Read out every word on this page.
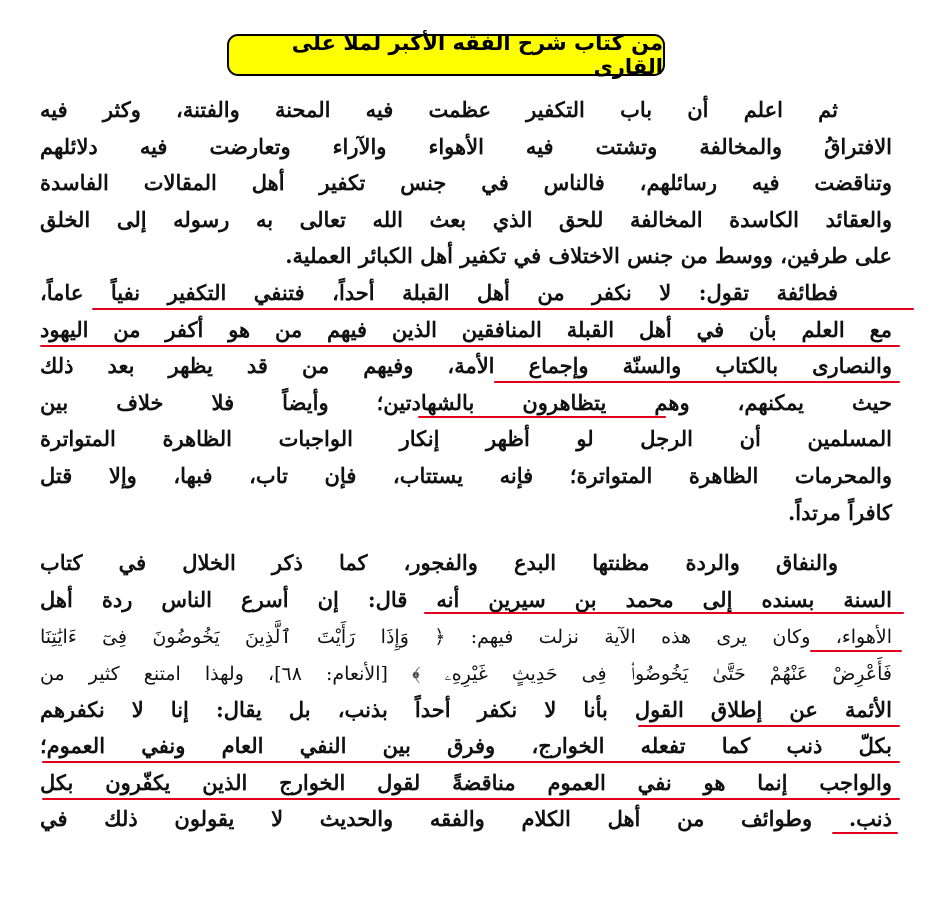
من كتاب شرح الفقه الأكبر لملا على القارى
ثم اعلم أن باب التكفير عظمت فيه المحنة والفتنة، وكثر فيه
الافتراقُ والمخالفة وتشتت فيه الأهواء والآراء وتعارضت فيه دلائلهم
وتناقضت فيه رسائلهم، فالناس في جنس تكفير أهل المقالات الفاسدة
والعقائد الكاسدة المخالفة للحق الذي بعث الله تعالى به رسوله إلى الخلق
على طرفين، ووسط من جنس الاختلاف في تكفير أهل الكبائر العملية.
فطائفة تقول: لا نكفر من أهل القبلة أحداً، فتنفي التكفير نفياً عاماً،
مع العلم بأن في أهل القبلة المنافقين الذين فيهم من هو أكفر من اليهود
والنصارى بالكتاب والسنّة وإجماع الأمة، وفيهم من قد يظهر بعد ذلك
حيث يمكنهم، وهم يتظاهرون بالشهادتين؛ وأيضاً فلا خلاف بين
المسلمين أن الرجل لو أظهر إنكار الواجبات الظاهرة المتواترة
والمحرمات الظاهرة المتواترة؛ فإنه يستتاب، فإن تاب، فبها، وإلا قتل
كافراً مرتداً.
والنفاق والردة مظنتها البدع والفجور، كما ذكر الخلال في كتاب
السنة بسنده إلى محمد بن سيرين أنه قال: إن أسرع الناس ردة أهل
الأهواء، وكان يرى هذه الآية نزلت فيهم: ﴿ وَإِذَا رَأَيْتَ ٱلَّذِينَ يَخُوضُونَ فِىٓ ءَايَٰتِنَا
فَأَعْرِضْ عَنْهُمْ حَتَّىٰ يَخُوضُوا۟ فِى حَدِيثٍ غَيْرِهِۦ ﴾ [الأنعام: ٦٨]، ولهذا امتنع كثير من
الأئمة عن إطلاق القول بأنا لا نكفر أحداً بذنب، بل يقال: إنا لا نكفرهم
بكلّ ذنب كما تفعله الخوارج، وفرق بين النفي العام ونفي العموم؛
والواجب إنما هو نفي العموم مناقضةً لقول الخوارج الذين يكفّرون بكل
ذنب. وطوائف من أهل الكلام والفقه والحديث لا يقولون ذلك في
